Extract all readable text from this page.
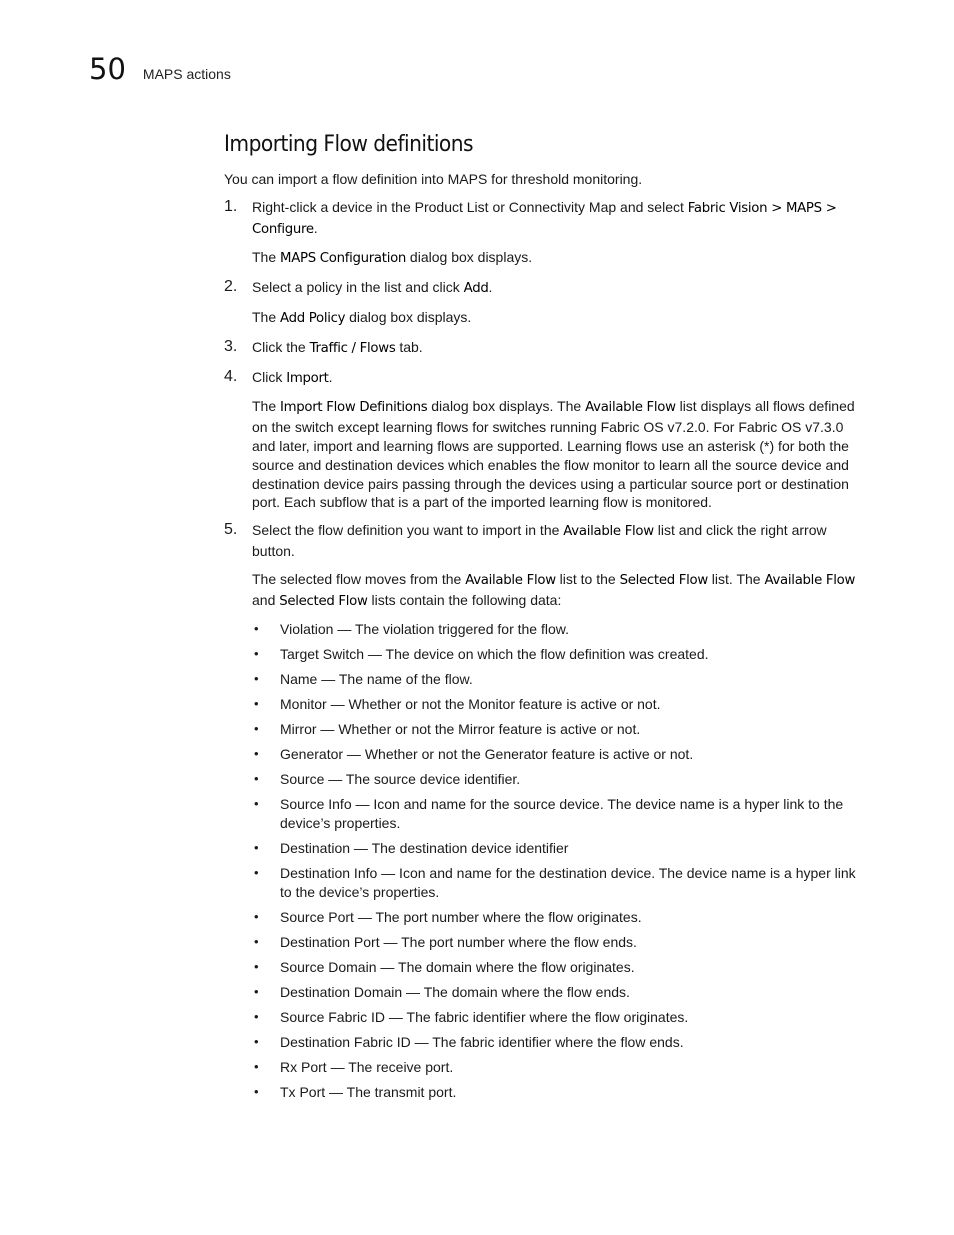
50 MAPS actions
Importing Flow definitions

You can import a flow definition into MAPS for threshold monitoring.

1.	Right-click a device in the Product List or Connectivity Map and select Fabric Vision > MAPS > Configure.

The MAPS Configuration dialog box displays.

2.	Select a policy in the list and click Add.

The Add Policy dialog box displays.

3.	Click the Traffic / Flows tab.

4.	Click Import.

The Import Flow Definitions dialog box displays. The Available Flow list displays all flows defined on the switch except learning flows for switches running Fabric OS v7.2.0. For Fabric OS v7.3.0 and later, import and learning flows are supported. Learning flows use an asterisk (*) for both the source and destination devices which enables the flow monitor to learn all the source device and destination device pairs passing through the devices using a particular source port or destination port. Each subflow that is a part of the imported learning flow is monitored.

5.	Select the flow definition you want to import in the Available Flow list and click the right arrow button.

The selected flow moves from the Available Flow list to the Selected Flow list. The Available Flow and Selected Flow lists contain the following data:

• Violation — The violation triggered for the flow.
• Target Switch — The device on which the flow definition was created.
• Name — The name of the flow.
• Monitor — Whether or not the Monitor feature is active or not.
• Mirror — Whether or not the Mirror feature is active or not.
• Generator — Whether or not the Generator feature is active or not.
• Source — The source device identifier.
• Source Info — Icon and name for the source device. The device name is a hyper link to the device’s properties.
• Destination — The destination device identifier
• Destination Info — Icon and name for the destination device. The device name is a hyper link to the device’s properties.
• Source Port — The port number where the flow originates.
• Destination Port — The port number where the flow ends.
• Source Domain — The domain where the flow originates.
• Destination Domain — The domain where the flow ends.
• Source Fabric ID — The fabric identifier where the flow originates.
• Destination Fabric ID — The fabric identifier where the flow ends.
• Rx Port — The receive port.
• Tx Port — The transmit port.
